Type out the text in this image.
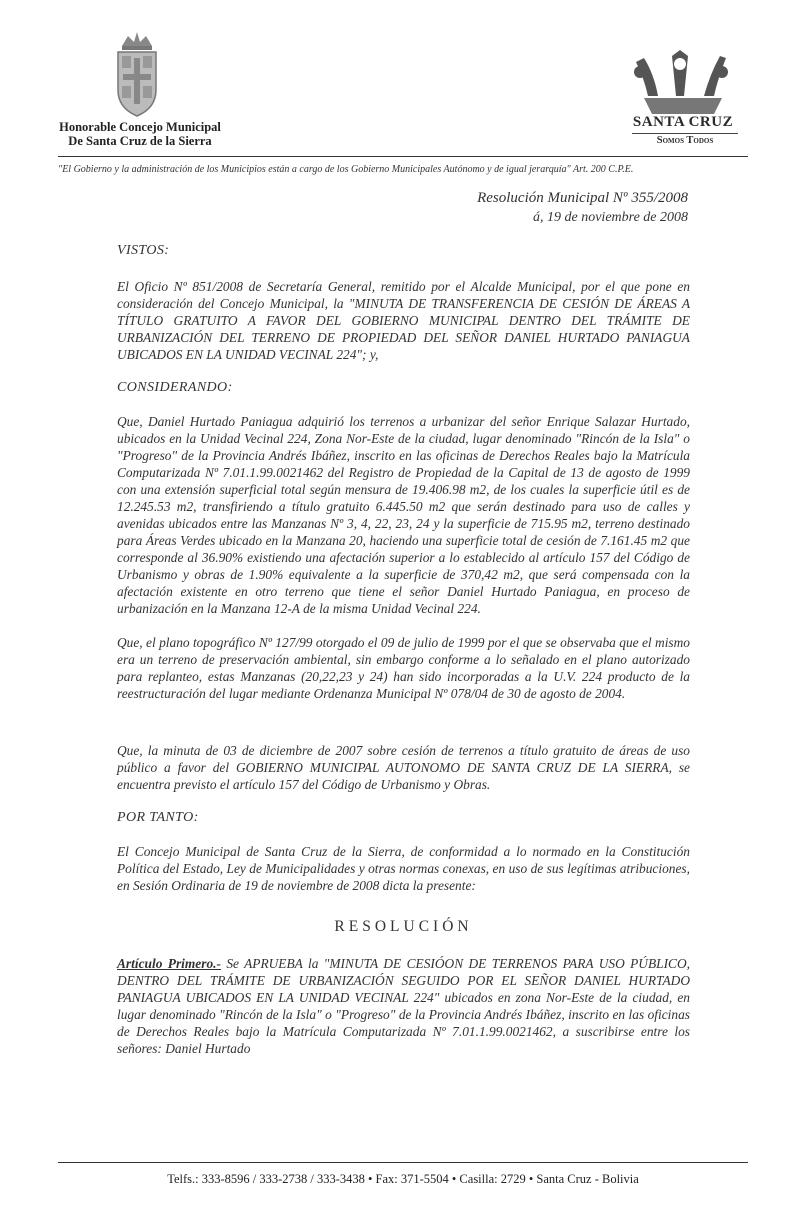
Honorable Concejo Municipal
De Santa Cruz de la Sierra
SANTA CRUZ
Somos Todos
"El Gobierno y la administración de los Municipios están a cargo de los Gobierno Municipales Autónomo y de igual jerarquía" Art. 200 C.P.E.
Resolución Municipal Nº 355/2008
á, 19 de noviembre de 2008

VISTOS:

El Oficio Nº 851/2008 de Secretaría General, remitido por el Alcalde Municipal, por el que pone en consideración del Concejo Municipal, la "MINUTA DE TRANSFERENCIA DE CESIÓN DE ÁREAS A TÍTULO GRATUITO A FAVOR DEL GOBIERNO MUNICIPAL DENTRO DEL TRÁMITE DE URBANIZACIÓN DEL TERRENO DE PROPIEDAD DEL SEÑOR DANIEL HURTADO PANIAGUA UBICADOS EN LA UNIDAD VECINAL 224"; y,

CONSIDERANDO:

Que, Daniel Hurtado Paniagua adquirió los terrenos a urbanizar del señor Enrique Salazar Hurtado, ubicados en la Unidad Vecinal 224, Zona Nor-Este de la ciudad, lugar denominado "Rincón de la Isla" o "Progreso" de la Provincia Andrés Ibáñez, inscrito en las oficinas de Derechos Reales bajo la Matrícula Computarizada Nº 7.01.1.99.0021462 del Registro de Propiedad de la Capital de 13 de agosto de 1999 con una extensión superficial total según mensura de 19.406.98 m2, de los cuales la superficie útil es de 12.245.53 m2, transfiriendo a título gratuito 6.445.50 m2 que serán destinado para uso de calles y avenidas ubicados entre las Manzanas Nº 3, 4, 22, 23, 24 y la superficie de 715.95 m2, terreno destinado para Áreas Verdes ubicado en la Manzana 20, haciendo una superficie total de cesión de 7.161.45 m2 que corresponde al 36.90% existiendo una afectación superior a lo establecido al artículo 157 del Código de Urbanismo y obras de 1.90% equivalente a la superficie de 370,42 m2, que será compensada con la afectación existente en otro terreno que tiene el señor Daniel Hurtado Paniagua, en proceso de urbanización en la Manzana 12-A de la misma Unidad Vecinal 224.

Que, el plano topográfico Nº 127/99 otorgado el 09 de julio de 1999 por el que se observaba que el mismo era un terreno de preservación ambiental, sin embargo conforme a lo señalado en el plano autorizado para replanteo, estas Manzanas (20,22,23 y 24) han sido incorporadas a la U.V. 224 producto de la reestructuración del lugar mediante Ordenanza Municipal Nº 078/04 de 30 de agosto de 2004.

Que, la minuta de 03 de diciembre de 2007 sobre cesión de terrenos a título gratuito de áreas de uso público a favor del GOBIERNO MUNICIPAL AUTONOMO DE SANTA CRUZ DE LA SIERRA, se encuentra previsto el artículo 157 del Código de Urbanismo y Obras.

POR TANTO:

El Concejo Municipal de Santa Cruz de la Sierra, de conformidad a lo normado en la Constitución Política del Estado, Ley de Municipalidades y otras normas conexas, en uso de sus legítimas atribuciones, en Sesión Ordinaria de 19 de noviembre de 2008 dicta la presente:

RESOLUCIÓN

Artículo Primero.- Se APRUEBA la "MINUTA DE CESIÓON DE TERRENOS PARA USO PÚBLICO, DENTRO DEL TRÁMITE DE URBANIZACIÓN SEGUIDO POR EL SEÑOR DANIEL HURTADO PANIAGUA UBICADOS EN LA UNIDAD VECINAL 224" ubicados en zona Nor-Este de la ciudad, en lugar denominado "Rincón de la Isla" o "Progreso" de la Provincia Andrés Ibáñez, inscrito en las oficinas de Derechos Reales bajo la Matrícula Computarizada Nº 7.01.1.99.0021462, a suscribirse entre los señores: Daniel Hurtado

Telfs.: 333-8596 / 333-2738 / 333-3438 • Fax: 371-5504 • Casilla: 2729 • Santa Cruz - Bolivia
